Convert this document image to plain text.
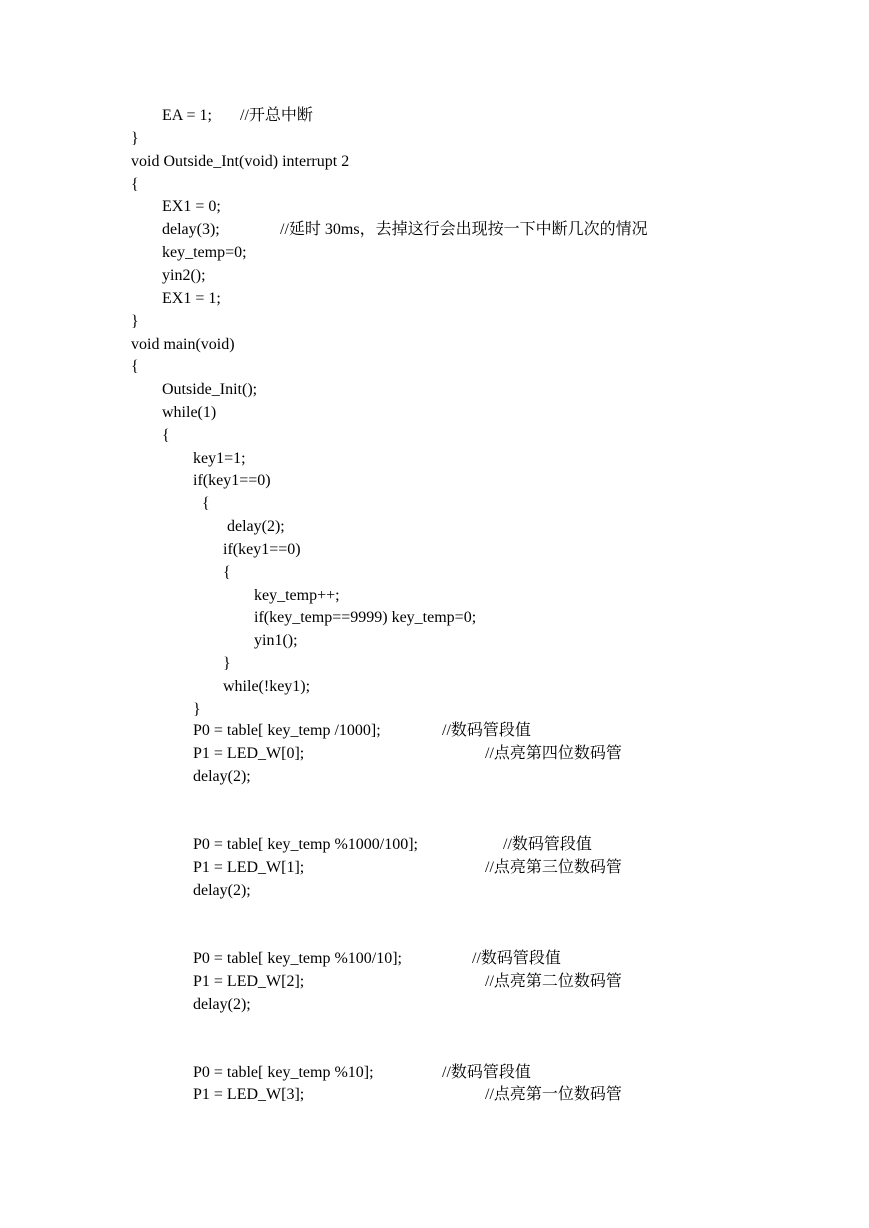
EA = 1;

//开总中断

}

void Outside_Int(void) interrupt 2

{

EX1 = 0;

delay(3);

	//延时 30ms，去掉这行会出现按一下中断几次的情况

key_temp=0;

yin2();

EX1 = 1;

}

void main(void)

{

Outside_Init();

while(1)

{

key1=1;

if(key1==0)

{

delay(2);

if(key1==0)

{

key_temp++;

if(key_temp==9999) key_temp=0;

yin1();

}

while(!key1);

}

P0 = table[ key_temp /1000];

	//数码管段值

P1 = LED_W[0];

	//点亮第四位数码管

delay(2);

P0 = table[ key_temp %1000/100];

	//数码管段值

P1 = LED_W[1];

	//点亮第三位数码管

delay(2);

P0 = table[ key_temp %100/10];

	//数码管段值

P1 = LED_W[2];

	//点亮第二位数码管

delay(2);

P0 = table[ key_temp %10];

	//数码管段值

P1 = LED_W[3];

	//点亮第一位数码管
